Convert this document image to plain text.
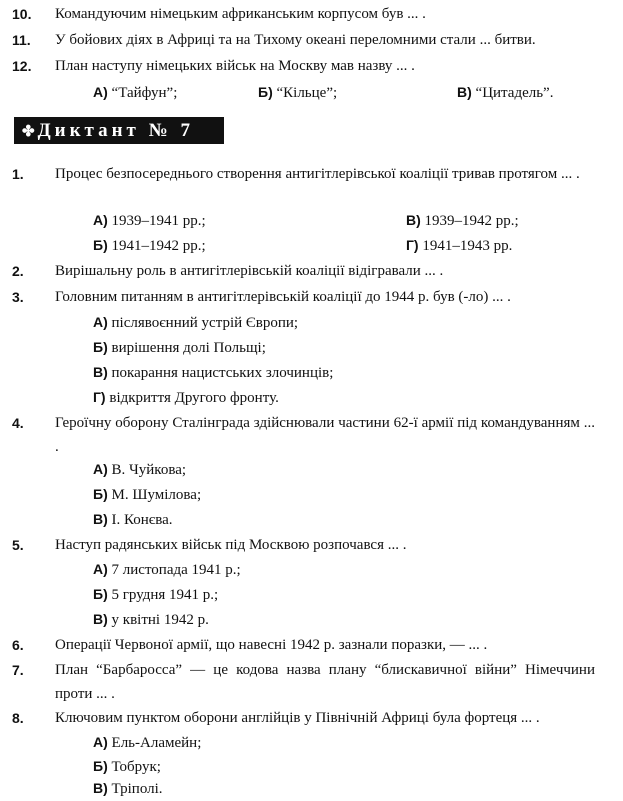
10. Командуючим німецьким африканським корпусом був ... .
11. У бойових діях в Африці та на Тихому океані переломними стали ... битви.
12. План наступу німецьких військ на Москву мав назву ... .
А) “Тайфун”;	Б) “Кільце”;	В) “Цитадель”.
✤ Диктант № 7
1. Процес безпосереднього створення антигітлерівської коаліції тривав протягом ... .
А) 1939–1941 рр.;	В) 1939–1942 рр.;
Б) 1941–1942 рр.;	Г) 1941–1943 рр.
2. Вирішальну роль в антигітлерівській коаліції відігравали ... .
3. Головним питанням в антигітлерівській коаліції до 1944 р. був (-ло) ... .
А) післявоєнний устрій Європи;
Б) вирішення долі Польщі;
В) покарання нацистських злочинців;
Г) відкриття Другого фронту.
4. Героїчну оборону Сталінграда здійснювали частини 62-ї армії під командуванням ... .
А) В. Чуйкова;
Б) М. Шумілова;
В) І. Конєва.
5. Наступ радянських військ під Москвою розпочався ... .
А) 7 листопада 1941 р.;
Б) 5 грудня 1941 р.;
В) у квітні 1942 р.
6. Операції Червоної армії, що навесні 1942 р. зазнали поразки, — ... .
7. План “Барбаросса” — це кодова назва плану “блискавичної війни” Німеччини проти ... .
8. Ключовим пунктом оборони англійців у Північній Африці була фортеця ... .
А) Ель-Аламейн;
Б) Тобрук;
В) Тріполі.
